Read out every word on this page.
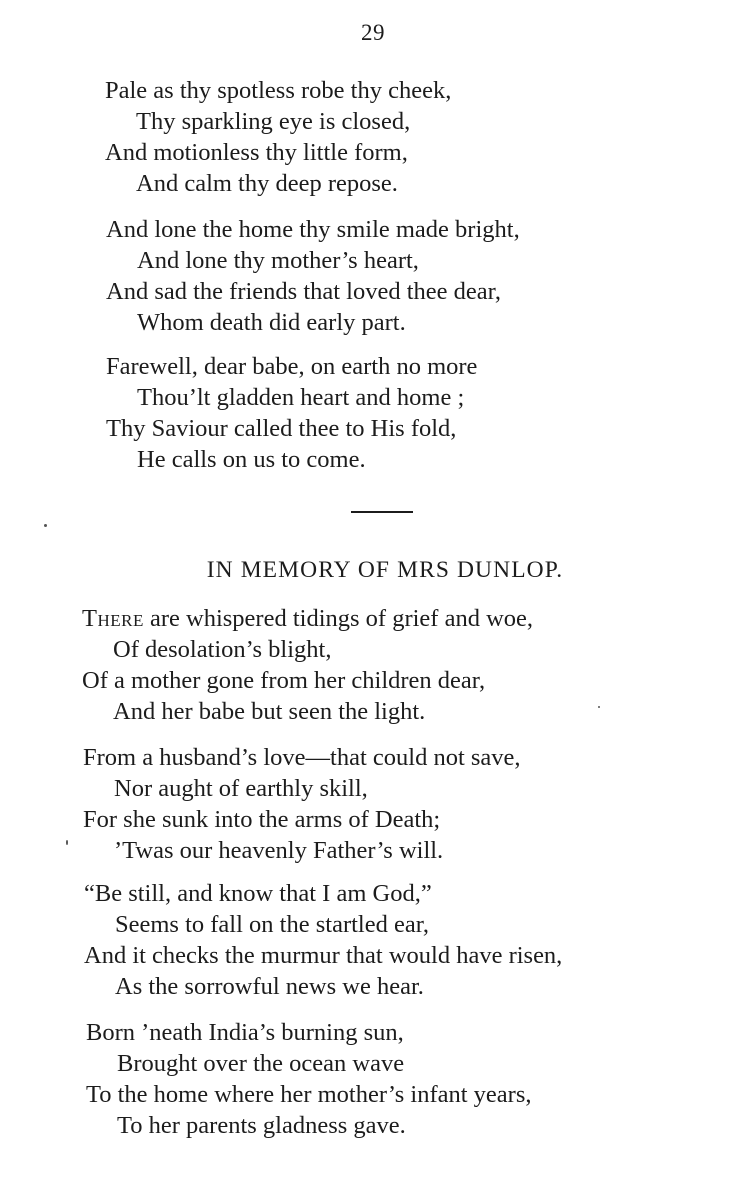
29
Pale as thy spotless robe thy cheek,
Thy sparkling eye is closed,
And motionless thy little form,
And calm thy deep repose.
And lone the home thy smile made bright,
And lone thy mother’s heart,
And sad the friends that loved thee dear,
Whom death did early part.
Farewell, dear babe, on earth no more
Thou’lt gladden heart and home ;
Thy Saviour called thee to His fold,
He calls on us to come.
IN MEMORY OF MRS DUNLOP.
There are whispered tidings of grief and woe,
Of desolation’s blight,
Of a mother gone from her children dear,
And her babe but seen the light.
From a husband’s love—that could not save,
Nor aught of earthly skill,
For she sunk into the arms of Death;
’Twas our heavenly Father’s will.
“Be still, and know that I am God,”
Seems to fall on the startled ear,
And it checks the murmur that would have risen,
As the sorrowful news we hear.
Born ’neath India’s burning sun,
Brought over the ocean wave
To the home where her mother’s infant years,
To her parents gladness gave.
